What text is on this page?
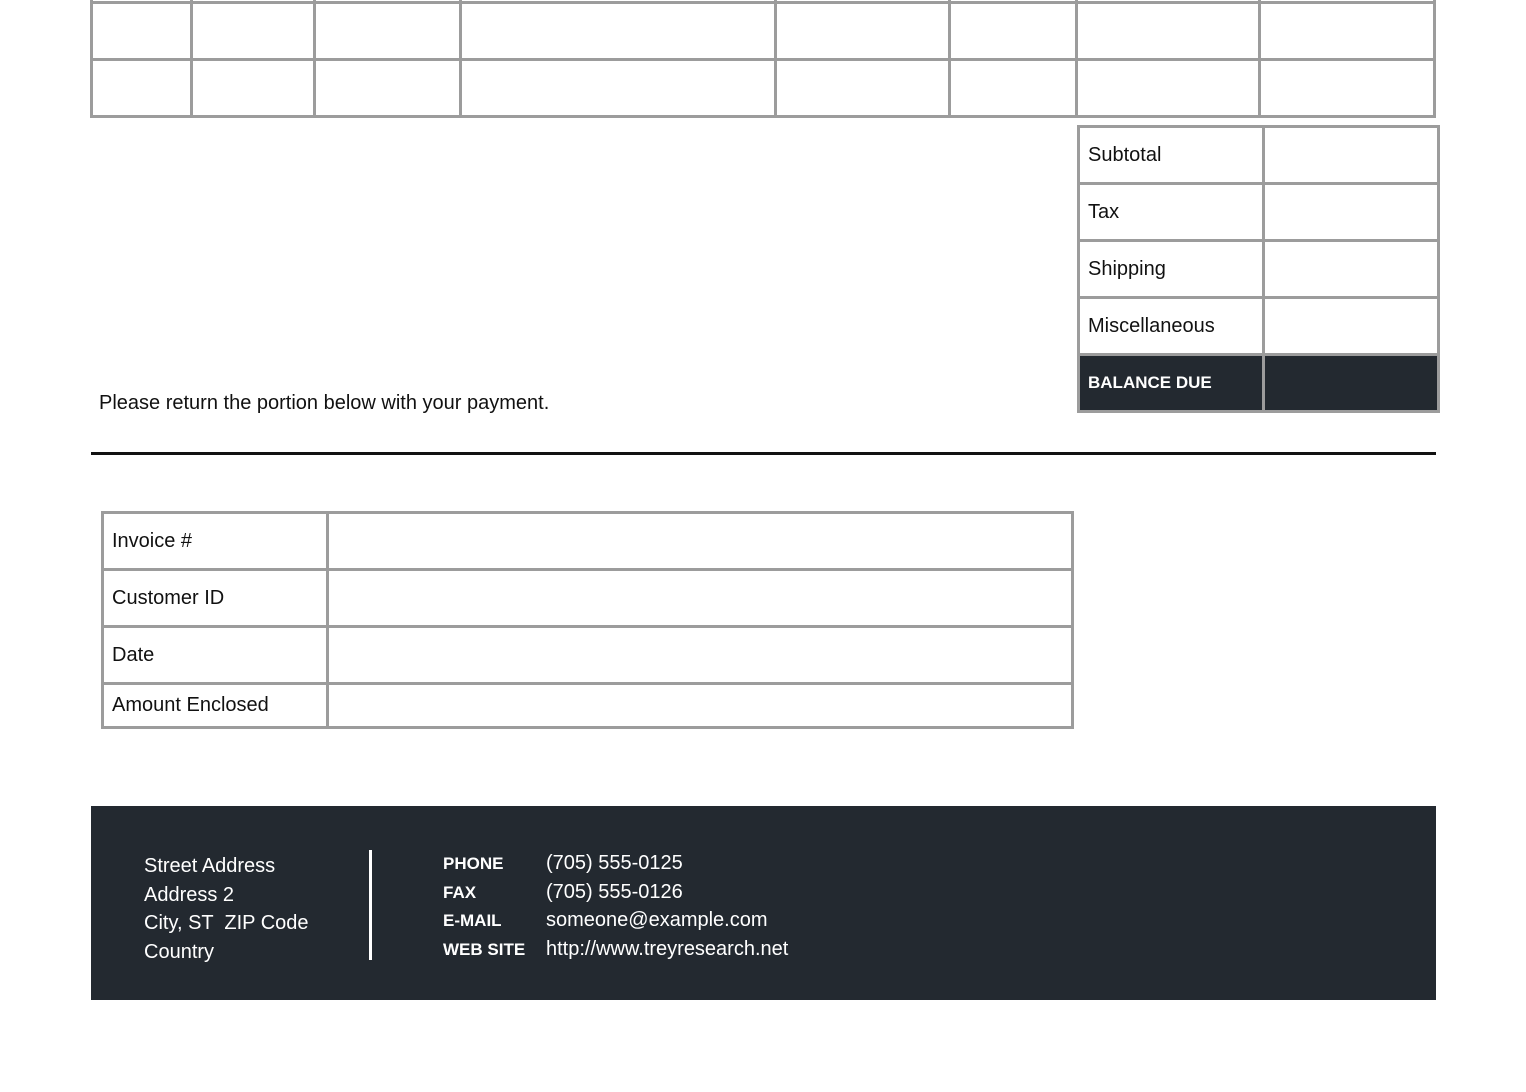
Subtotal	
Tax	
Shipping	
Miscellaneous	
BALANCE DUE	
Please return the portion below with your payment.
Invoice #	
Customer ID	
Date	
Amount Enclosed	
Street Address
Address 2
City, ST  ZIP Code
Country
PHONE	(705) 555-0125
FAX	(705) 555-0126
E-MAIL	someone@example.com
WEB SITE	http://www.treyresearch.net
